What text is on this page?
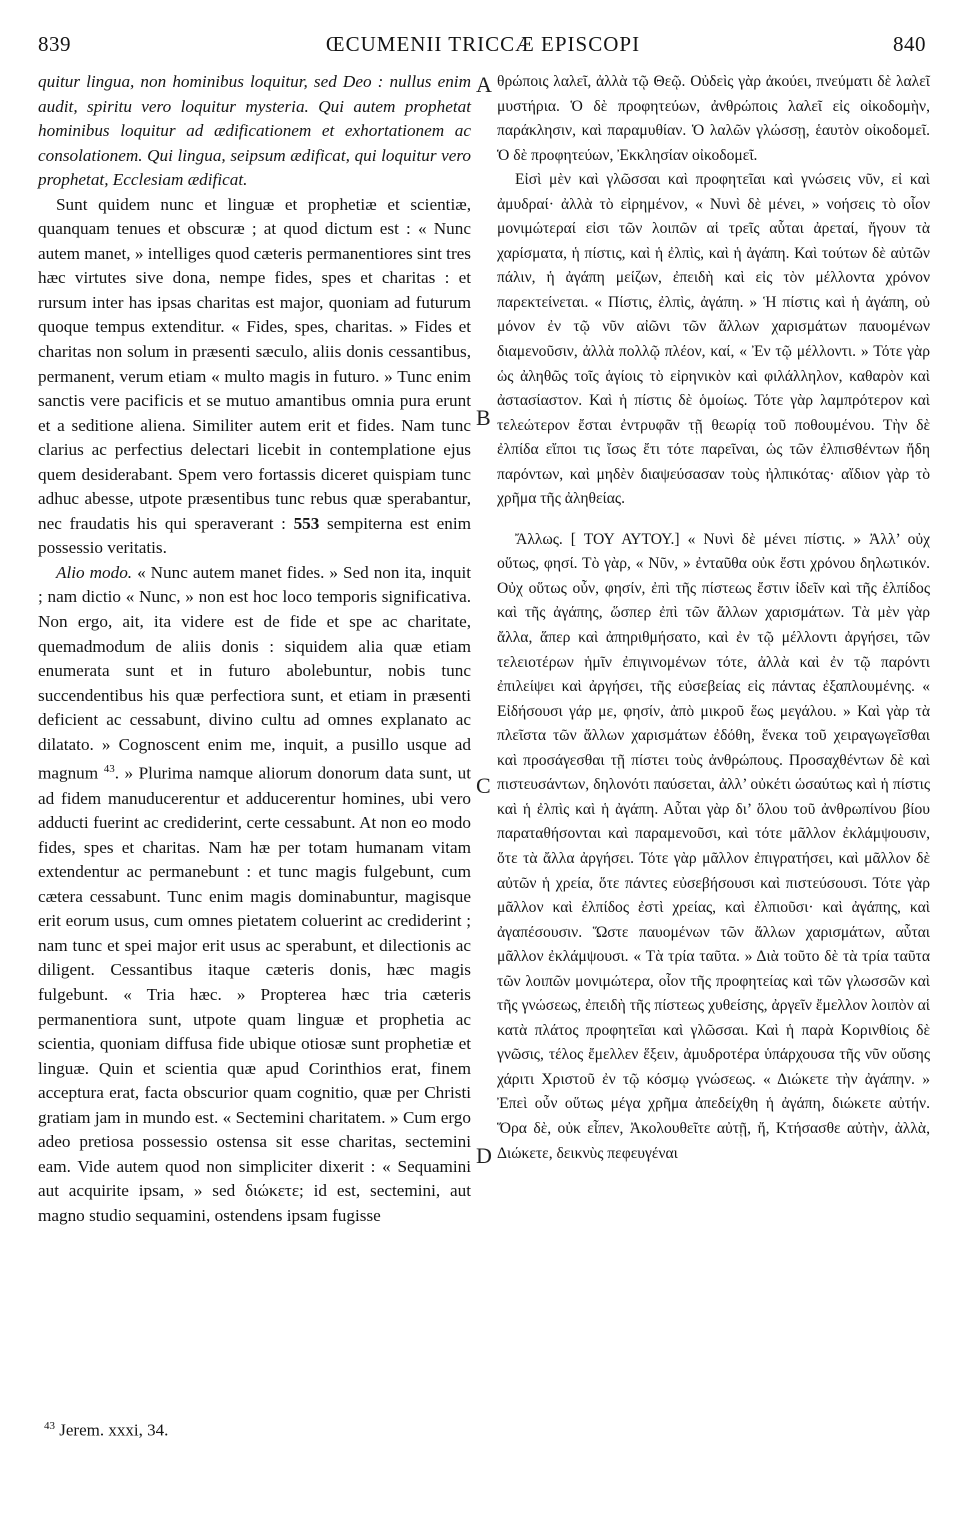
ŒCUMENII TRICCÆ EPISCOPI
839	840
A
B
C
D

quitur lingua, non hominibus loquitur, sed Deo : nullus enim audit, spiritu vero loquitur mysteria. Qui autem prophetat hominibus loquitur ad ædificationem et exhortationem ac consolationem. Qui lingua, seipsum ædificat, qui loquitur vero prophetat, Ecclesiam ædificat.

Sunt quidem nunc et linguæ et prophetiæ et scientiæ, quanquam tenues et obscuræ ; at quod dictum est : « Nunc autem manet, » intelliges quod cæteris permanentiores sint tres hæc virtutes sive dona, nempe fides, spes et charitas : et rursum inter has ipsas charitas est major, quoniam ad futurum quoque tempus extenditur. « Fides, spes, charitas. » Fides et charitas non solum in præsenti sæculo, aliis donis cessantibus, permanent, verum etiam « multo magis in futuro. » Tunc enim sanctis vere pacificis et se mutuo amantibus omnia pura erunt et a seditione aliena. Similiter autem erit et fides. Nam tunc clarius ac perfectius delectari licebit in contemplatione ejus quem desiderabant. Spem vero fortassis diceret quispiam tunc adhuc abesse, utpote præsentibus tunc rebus quæ sperabantur, nec fraudatis his qui speraverant : 553 sempiterna est enim possessio veritatis.

Alio modo. « Nunc autem manet fides. » Sed non ita, inquit ; nam dictio « Nunc, » non est hoc loco temporis significativa. Non ergo, ait, ita videre est de fide et spe ac charitate, quemadmodum de aliis donis : siquidem alia quæ etiam enumerata sunt et in futuro abolebuntur, nobis tunc succendentibus his quæ perfectiora sunt, et etiam in præsenti deficient ac cessabunt, divino cultu ad omnes explanato ac dilatato. » Cognoscent enim me, inquit, a pusillo usque ad magnum $^{43}$. » Plurima namque aliorum donorum data sunt, ut ad fidem manuducerentur et adducerentur homines, ubi vero adducti fuerint ac crediderint, certe cessabunt. At non eo modo fides, spes et charitas. Nam hæ per totam humanam vitam extendentur ac permanebunt : et tunc magis fulgebunt, cum cætera cessabunt. Tunc enim magis dominabuntur, magisque erit eorum usus, cum omnes pietatem coluerint ac crediderint ; nam tunc et spei major erit usus ac sperabunt, et dilectionis ac diligent. Cessantibus itaque cæteris donis, hæc magis fulgebunt. « Tria hæc. » Propterea hæc tria cæteris permanentiora sunt, utpote quam linguæ et prophetia ac scientia, quoniam diffusa fide ubique otiosæ sunt prophetiæ et linguæ. Quin et scientia quæ apud Corinthios erat, finem acceptura erat, facta obscurior quam cognitio, quæ per Christi gratiam jam in mundo est. « Sectemini charitatem. » Cum ergo adeo pretiosa possessio ostensa sit esse charitas, sectemini eam. Vide autem quod non simpliciter dixerit : « Sequamini aut acquirite ipsam, » sed διώκετε; id est, sectemini, aut magno studio sequamini, ostendens ipsam fugisse

θρώποις λαλεῖ, ἀλλὰ τῷ Θεῷ. Οὐδεὶς γὰρ ἀκούει, πνεύματι δὲ λαλεῖ μυστήρια. Ὁ δὲ προφητεύων, ἀνθρώποις λαλεῖ εἰς οἰκοδομὴν, παράκλησιν, καὶ παραμυθίαν. Ὁ λαλῶν γλώσσῃ, ἑαυτὸν οἰκοδομεῖ. Ὁ δὲ προφητεύων, Ἐκκλησίαν οἰκοδομεῖ.

Εἰσὶ μὲν καὶ γλῶσσαι καὶ προφητεῖαι καὶ γνώσεις νῦν, εἰ καὶ ἀμυδραί· ἀλλὰ τὸ εἰρημένον, « Νυνὶ δὲ μένει, » νοήσεις τὸ οἷον μονιμώτεραί εἰσι τῶν λοιπῶν αἱ τρεῖς αὗται ἀρεταί, ἤγουν τὰ χαρίσματα, ἡ πίστις, καὶ ἡ ἐλπὶς, καὶ ἡ ἀγάπη. Καὶ τούτων δὲ αὐτῶν πάλιν, ἡ ἀγάπη μείζων, ἐπειδὴ καὶ εἰς τὸν μέλλοντα χρόνον παρεκτείνεται. « Πίστις, ἐλπὶς, ἀγάπη. » Ἡ πίστις καὶ ἡ ἀγάπη, οὐ μόνον ἐν τῷ νῦν αἰῶνι τῶν ἄλλων χαρισμάτων παυομένων διαμενοῦσιν, ἀλλὰ πολλῷ πλέον, καί, « Ἐν τῷ μέλλοντι. » Τότε γὰρ ὡς ἀληθῶς τοῖς ἁγίοις τὸ εἰρηνικὸν καὶ φιλάλληλον, καθαρὸν καὶ ἀστασίαστον. Καὶ ἡ πίστις δὲ ὁμοίως. Τότε γὰρ λαμπρότερον καὶ τελεώτερον ἔσται ἐντρυφᾶν τῇ θεωρίᾳ τοῦ ποθουμένου. Τὴν δὲ ἐλπίδα εἴποι τις ἴσως ἔτι τότε παρεῖναι, ὡς τῶν ἐλπισθέντων ἤδη παρόντων, καὶ μηδὲν διαψεύσασαν τοὺς ἠλπικότας· αἴδιον γὰρ τὸ χρῆμα τῆς ἀληθείας.

Ἄλλως. [ ΤΟΥ ΑΥΤΟΥ.] « Νυνὶ δὲ μένει πίστις. » Ἀλλ’ οὐχ οὕτως, φησί. Τὸ γὰρ, « Νῦν, » ἐνταῦθα οὐκ ἔστι χρόνου δηλωτικόν. Οὐχ οὕτως οὖν, φησίν, ἐπὶ τῆς πίστεως ἔστιν ἰδεῖν καὶ τῆς ἐλπίδος καὶ τῆς ἀγάπης, ὥσπερ ἐπὶ τῶν ἄλλων χαρισμάτων. Τὰ μὲν γὰρ ἄλλα, ἅπερ καὶ ἀπηριθμήσατο, καὶ ἐν τῷ μέλλοντι ἀργήσει, τῶν τελειοτέρων ἡμῖν ἐπιγινομένων τότε, ἀλλὰ καὶ ἐν τῷ παρόντι ἐπιλείψει καὶ ἀργήσει, τῆς εὐσεβείας εἰς πάντας ἐξαπλουμένης. « Εἰδήσουσι γάρ με, φησίν, ἀπὸ μικροῦ ἕως μεγάλου. » Καὶ γὰρ τὰ πλεῖστα τῶν ἄλλων χαρισμάτων ἐδόθη, ἕνεκα τοῦ χειραγωγεῖσθαι καὶ προσάγεσθαι τῇ πίστει τοὺς ἀνθρώπους. Προσαχθέντων δὲ καὶ πιστευσάντων, δηλονότι παύσεται, ἀλλ’ οὐκέτι ὡσαύτως καὶ ἡ πίστις καὶ ἡ ἐλπὶς καὶ ἡ ἀγάπη. Αὗται γὰρ δι’ ὅλου τοῦ ἀνθρωπίνου βίου παραταθήσονται καὶ παραμενοῦσι, καὶ τότε μᾶλλον ἐκλάμψουσιν, ὅτε τὰ ἄλλα ἀργήσει. Τότε γὰρ μᾶλλον ἐπιγρατήσει, καὶ μᾶλλον δὲ αὐτῶν ἡ χρεία, ὅτε πάντες εὐσεβήσουσι καὶ πιστεύσουσι. Τότε γὰρ μᾶλλον καὶ ἐλπίδος ἐστὶ χρείας, καὶ ἐλπιοῦσι· καὶ ἀγάπης, καὶ ἀγαπέσουσιν. Ὥστε παυομένων τῶν ἄλλων χαρισμάτων, αὗται μᾶλλον ἐκλάμψουσι. « Τὰ τρία ταῦτα. » Διὰ τοῦτο δὲ τὰ τρία ταῦτα τῶν λοιπῶν μονιμώτερα, οἷον τῆς προφητείας καὶ τῶν γλωσσῶν καὶ τῆς γνώσεως, ἐπειδὴ τῆς πίστεως χυθείσης, ἀργεῖν ἔμελλον λοιπὸν αἱ κατὰ πλάτος προφητεῖαι καὶ γλῶσσαι. Καὶ ἡ παρὰ Κορινθίοις δὲ γνῶσις, τέλος ἔμελλεν ἕξειν, ἀμυδροτέρα ὑπάρχουσα τῆς νῦν οὔσης χάριτι Χριστοῦ ἐν τῷ κόσμῳ γνώσεως. « Διώκετε τὴν ἀγάπην. » Ἐπεὶ οὖν οὕτως μέγα χρῆμα ἀπεδείχθη ἡ ἀγάπη, διώκετε αὐτήν. Ὅρα δὲ, οὐκ εἶπεν, Ἀκολουθεῖτε αὐτῇ, ἤ, Κτήσασθε αὐτὴν, ἀλλὰ, Διώκετε, δεικνὺς πεφευγέναι

$^{43}$ Jerem. xxxi, 34.
